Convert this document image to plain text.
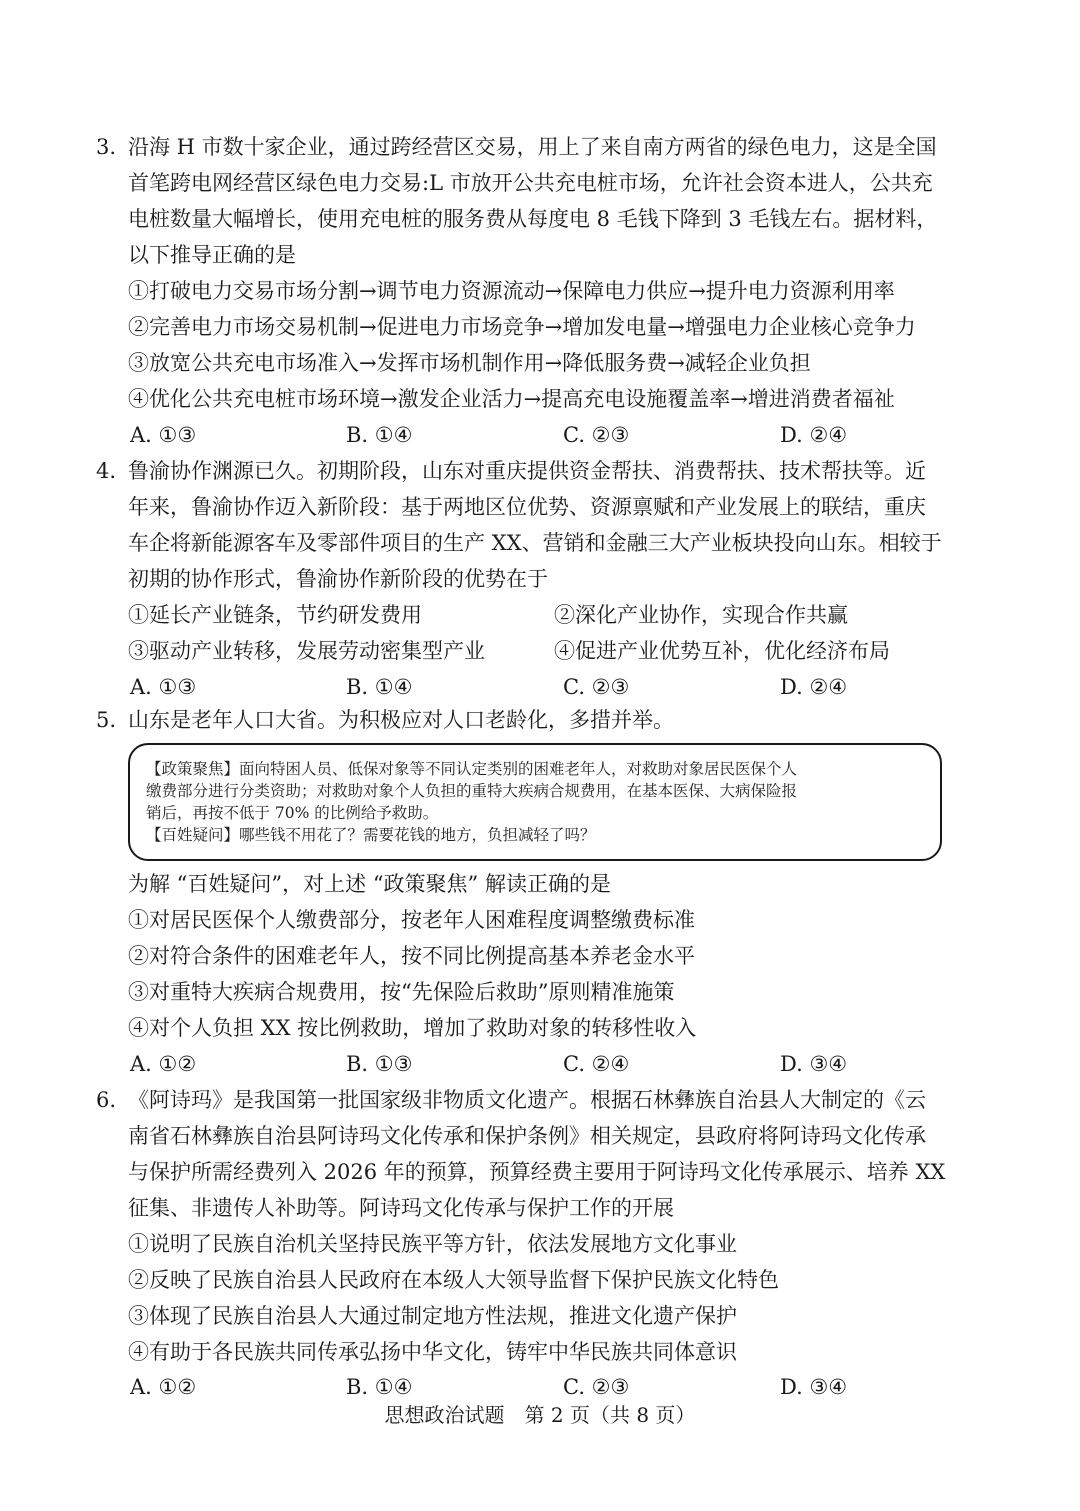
3. 沿海 H 市数十家企业，通过跨经营区交易，用上了来自南方两省的绿色电力，这是全国
首笔跨电网经营区绿色电力交易:L 市放开公共充电桩市场，允许社会资本进人，公共充
电桩数量大幅增长，使用充电桩的服务费从每度电 8 毛钱下降到 3 毛钱左右。据材料，
以下推导正确的是
①打破电力交易市场分割→调节电力资源流动→保障电力供应→提升电力资源利用率
②完善电力市场交易机制→促进电力市场竞争→增加发电量→增强电力企业核心竞争力
③放宽公共充电市场准入→发挥市场机制作用→降低服务费→减轻企业负担
④优化公共充电桩市场环境→激发企业活力→提高充电设施覆盖率→增进消费者福祉
A. ①③	B. ①④	C. ②③	D. ②④
4. 鲁渝协作渊源已久。初期阶段，山东对重庆提供资金帮扶、消费帮扶、技术帮扶等。近
年来，鲁渝协作迈入新阶段：基于两地区位优势、资源禀赋和产业发展上的联结，重庆
车企将新能源客车及零部件项目的生产 XX、营销和金融三大产业板块投向山东。相较于
初期的协作形式，鲁渝协作新阶段的优势在于
①延长产业链条，节约研发费用	②深化产业协作，实现合作共赢
③驱动产业转移，发展劳动密集型产业	④促进产业优势互补，优化经济布局
A. ①③	B. ①④	C. ②③	D. ②④
5. 山东是老年人口大省。为积极应对人口老龄化，多措并举。
【政策聚焦】面向特困人员、低保对象等不同认定类别的困难老年人，对救助对象居民医保个人
缴费部分进行分类资助；对救助对象个人负担的重特大疾病合规费用，在基本医保、大病保险报
销后，再按不低于 70% 的比例给予救助。
【百姓疑问】哪些钱不用花了？需要花钱的地方，负担减轻了吗？
为解 “百姓疑问”，对上述 “政策聚焦” 解读正确的是
①对居民医保个人缴费部分，按老年人困难程度调整缴费标准
②对符合条件的困难老年人，按不同比例提高基本养老金水平
③对重特大疾病合规费用，按“先保险后救助”原则精准施策
④对个人负担 XX 按比例救助，增加了救助对象的转移性收入
A. ①②	B. ①③	C. ②④	D. ③④
6. 《阿诗玛》是我国第一批国家级非物质文化遗产。根据石林彝族自治县人大制定的《云
南省石林彝族自治县阿诗玛文化传承和保护条例》相关规定，县政府将阿诗玛文化传承
与保护所需经费列入 2026 年的预算，预算经费主要用于阿诗玛文化传承展示、培养 XX
征集、非遗传人补助等。阿诗玛文化传承与保护工作的开展
①说明了民族自治机关坚持民族平等方针，依法发展地方文化事业
②反映了民族自治县人民政府在本级人大领导监督下保护民族文化特色
③体现了民族自治县人大通过制定地方性法规，推进文化遗产保护
④有助于各民族共同传承弘扬中华文化，铸牢中华民族共同体意识
A. ①②	B. ①④	C. ②③	D. ③④
思想政治试题　第 2 页（共 8 页）
